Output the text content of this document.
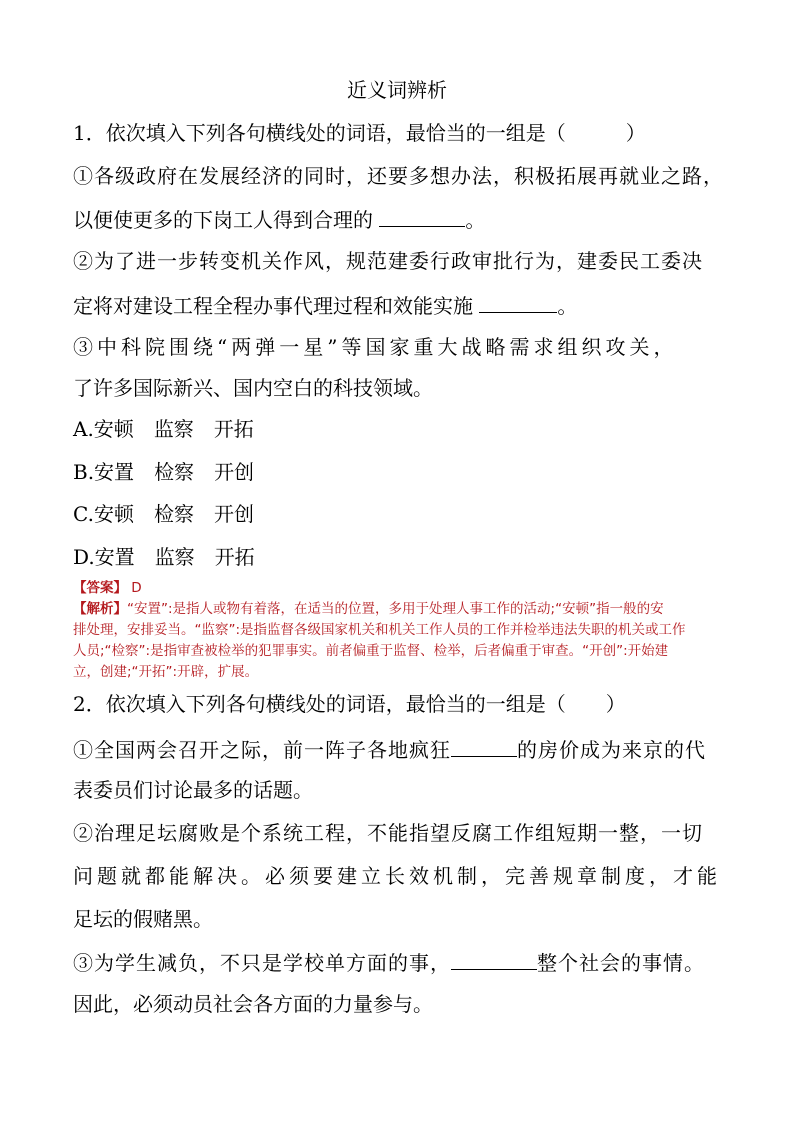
近义词辨析
1．依次填入下列各句横线处的词语，最恰当的一组是（　　　）
①各级政府在发展经济的同时，还要多想办法，积极拓展再就业之路，
以便使更多的下岗工人得到合理的	。
②为了进一步转变机关作风，规范建委行政审批行为，建委民工委决
定将对建设工程全程办事代理过程和效能实施	。
③中科院围绕“两弹一星”等国家重大战略需求组织攻关，
了许多国际新兴、国内空白的科技领域。
A.安顿 监察 开拓
B.安置 检察 开创
C.安顿 检察 开创
D.安置 监察 开拓
【答案】 D
【解析】“安置”:是指人或物有着落，在适当的位置，多用于处理人事工作的活动;“安顿”指一般的安
排处理，安排妥当。“监察”:是指监督各级国家机关和机关工作人员的工作并检举违法失职的机关或工作
人员;“检察”:是指审查被检举的犯罪事实。前者偏重于监督、检举，后者偏重于审查。“开创”:开始建
立，创建;“开拓”:开辟，扩展。
2．依次填入下列各句横线处的词语，最恰当的一组是（　　）
①全国两会召开之际，前一阵子各地疯狂	的房价成为来京的代
表委员们讨论最多的话题。
②治理足坛腐败是个系统工程，不能指望反腐工作组短期一整，一切
问题就都能解决。必须要建立长效机制，完善规章制度，才能
足坛的假赌黑。
③为学生减负，不只是学校单方面的事，	整个社会的事情。
因此，必须动员社会各方面的力量参与。
